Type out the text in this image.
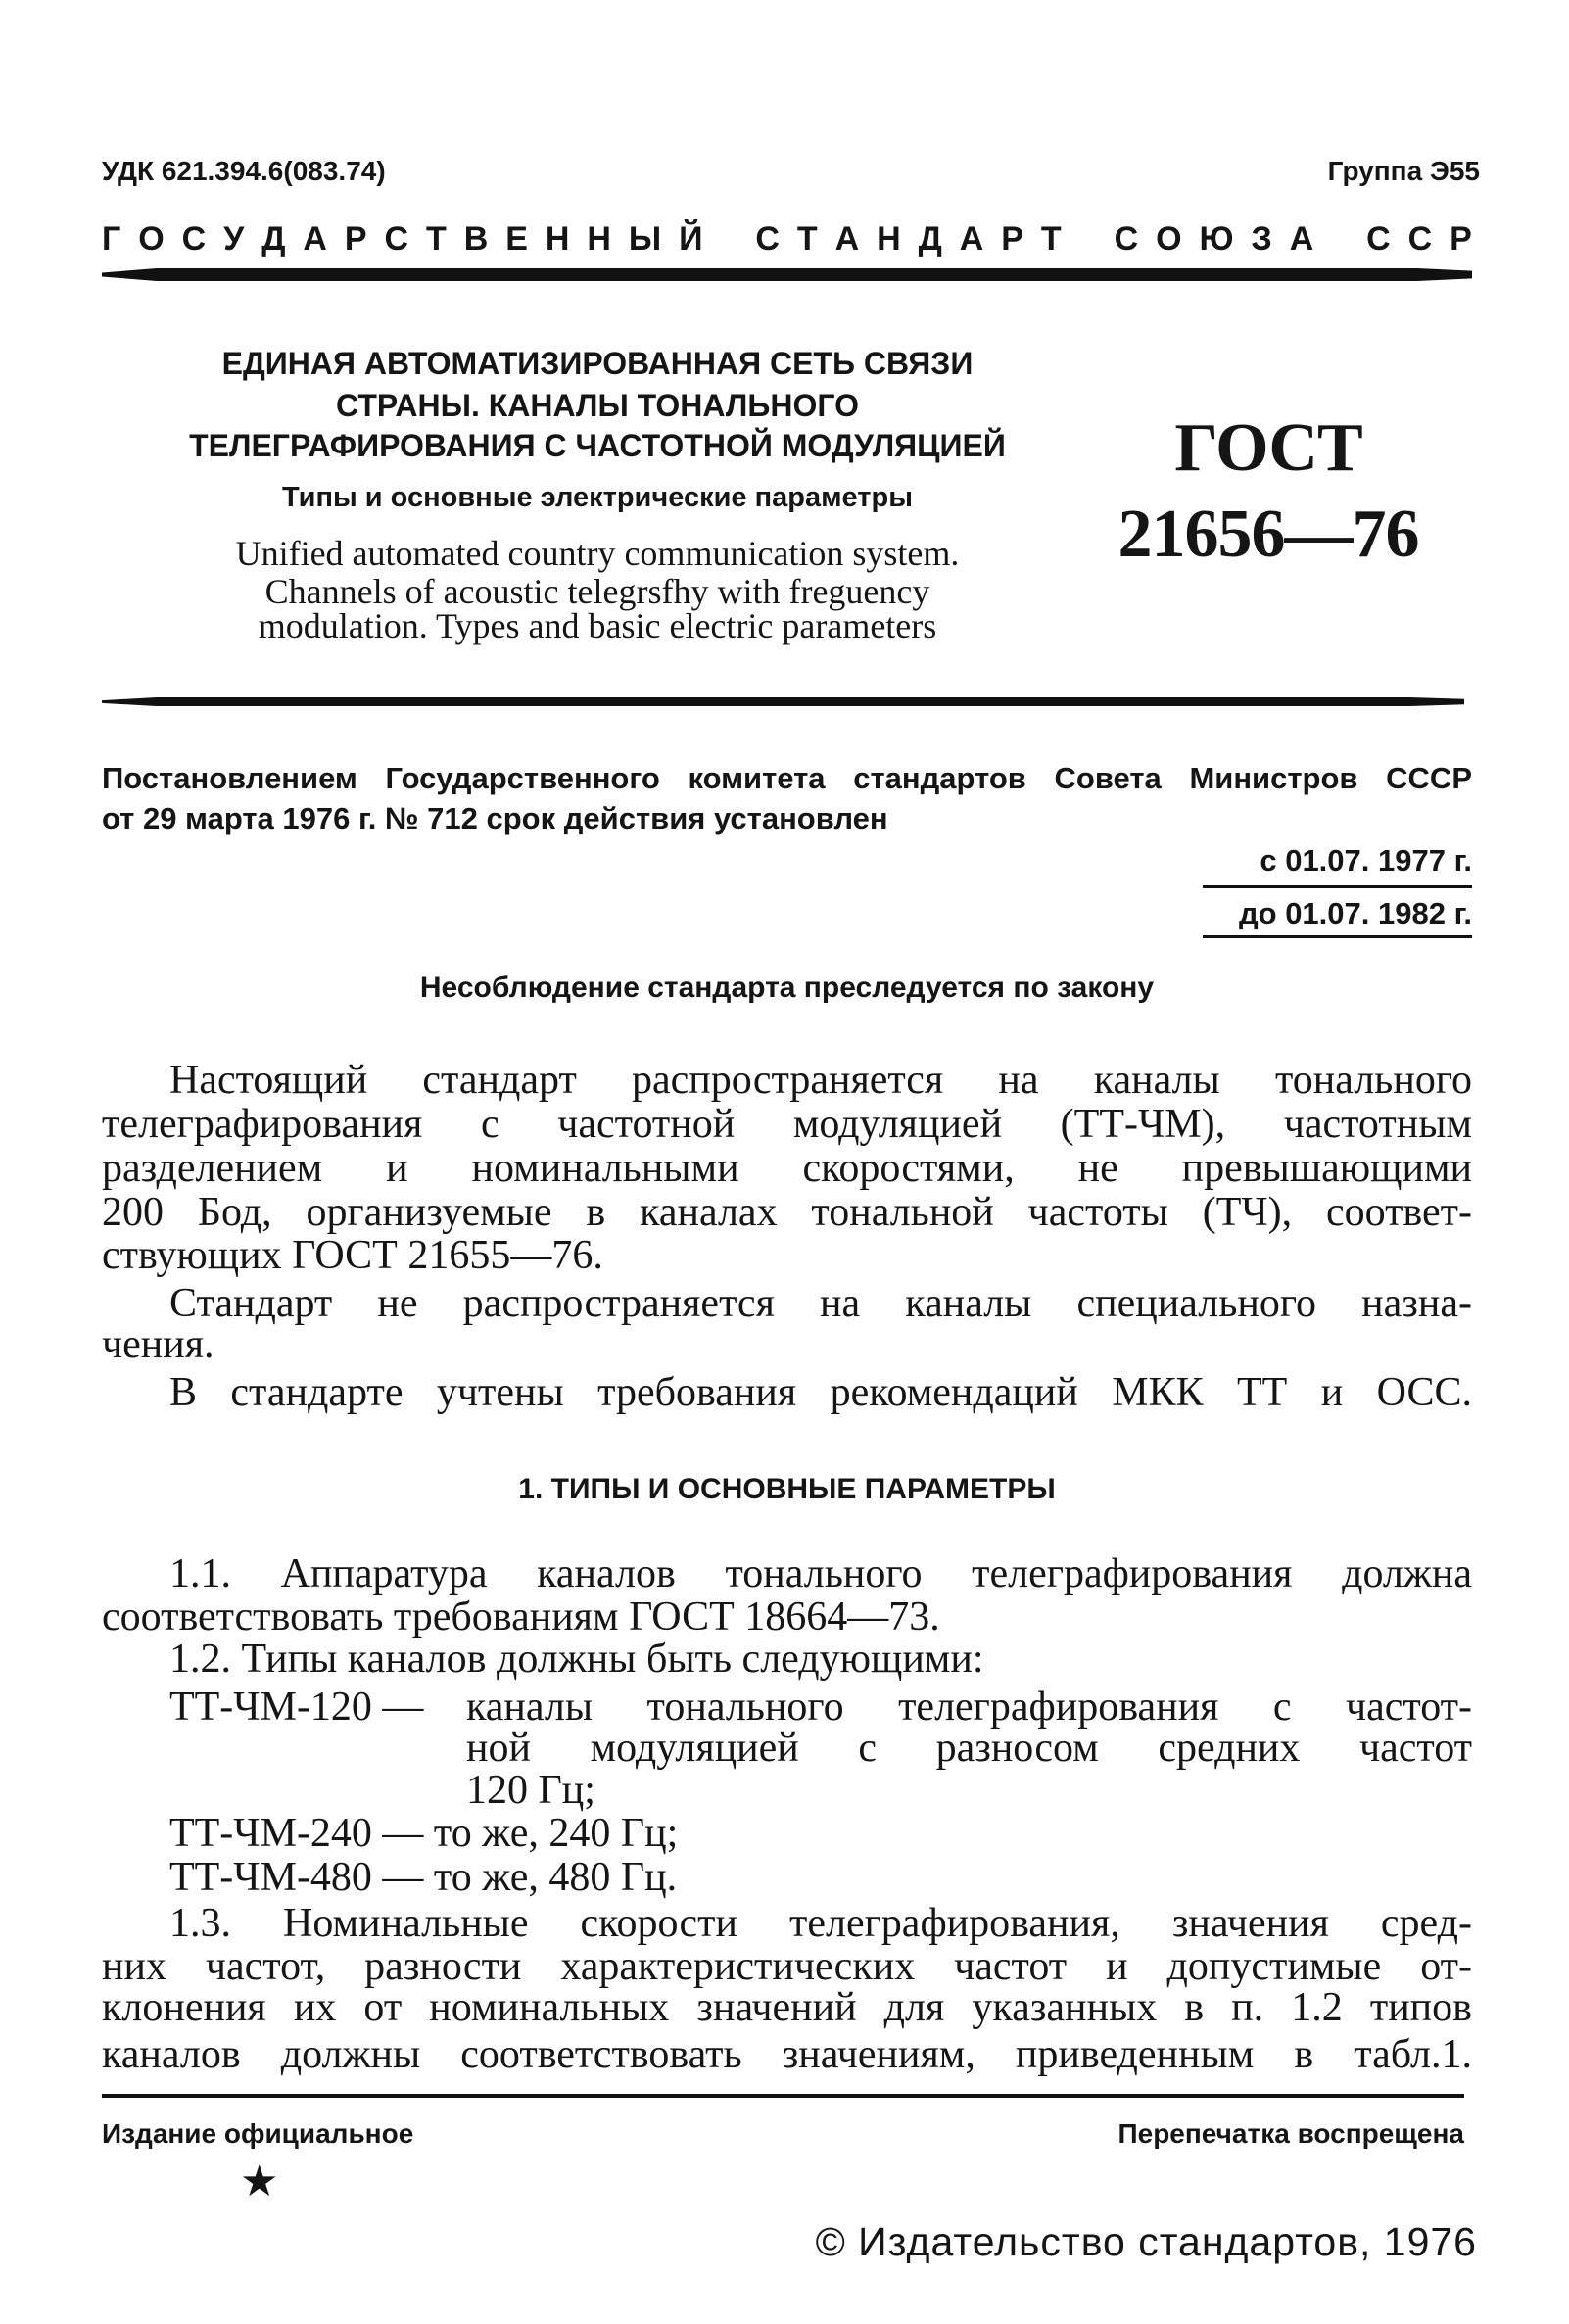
УДК 621.394.6(083.74)	Группа Э55
Г О С У Д А Р С Т В Е Н Н Ы Й С Т А Н Д А Р Т С О Ю З А С С Р
ЕДИНАЯ АВТОМАТИЗИРОВАННАЯ СЕТЬ СВЯЗИ
СТРАНЫ. КАНАЛЫ ТОНАЛЬНОГО
ТЕЛЕГРАФИРОВАНИЯ С ЧАСТОТНОЙ МОДУЛЯЦИЕЙ
Типы и основные электрические параметры
Unified automated country communication system.
Channels of acoustic telegrsfhy with freguency
modulation. Types and basic electric parameters
ГОСТ
21656—76
Постановлением Государственного комитета стандартов Совета Министров СССР
от 29 марта 1976 г. № 712 срок действия установлен
с 01.07. 1977 г.
до 01.07. 1982 г.
Несоблюдение стандарта преследуется по закону
Настоящий стандарт распространяется на каналы тонального
телеграфирования с частотной модуляцией (ТТ-ЧМ), частотным
разделением и номинальными скоростями, не превышающими
200 Бод, организуемые в каналах тональной частоты (ТЧ), соответ-
ствующих ГОСТ 21655—76.
Стандарт не распространяется на каналы специального назна-
чения.
В стандарте учтены требования рекомендаций МКК ТТ и ОСС.
1. ТИПЫ И ОСНОВНЫЕ ПАРАМЕТРЫ
1.1. Аппаратура каналов тонального телеграфирования должна
соответствовать требованиям ГОСТ 18664—73.
1.2. Типы каналов должны быть следующими:
ТТ-ЧМ-120 — каналы тонального телеграфирования с частот-
ной модуляцией с разносом средних частот
120 Гц;
ТТ-ЧМ-240 — то же, 240 Гц;
ТТ-ЧМ-480 — то же, 480 Гц.
1.3. Номинальные скорости телеграфирования, значения сред-
них частот, разности характеристических частот и допустимые от-
клонения их от номинальных значений для указанных в п. 1.2 типов
каналов должны соответствовать значениям, приведенным в табл.1.
Издание официальное	Перепечатка воспрещена
★
© Издательство стандартов, 1976
